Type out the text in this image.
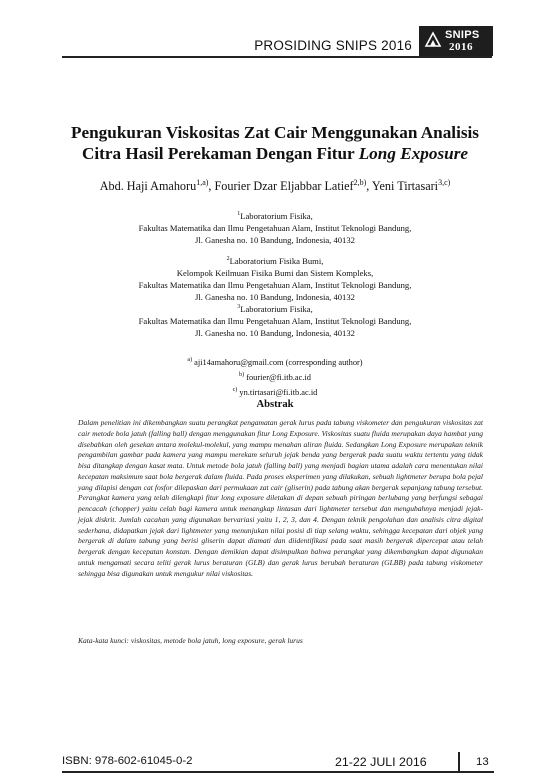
PROSIDING SNIPS 2016
SNIPS
2016
Pengukuran Viskositas Zat Cair Menggunakan Analisis
Citra Hasil Perekaman Dengan Fitur Long Exposure
Abd. Haji Amahoru$^{1,a)}$, Fourier Dzar Eljabbar Latief$^{2,b)}$, Yeni Tirtasari$^{3,c)}$
$^1$Laboratorium Fisika,
Fakultas Matematika dan Ilmu Pengetahuan Alam, Institut Teknologi Bandung,
Jl. Ganesha no. 10 Bandung, Indonesia, 40132
$^2$Laboratorium Fisika Bumi,
Kelompok Keilmuan Fisika Bumi dan Sistem Kompleks,
Fakultas Matematika dan Ilmu Pengetahuan Alam, Institut Teknologi Bandung,
Jl. Ganesha no. 10 Bandung, Indonesia, 40132
$^3$Laboratorium Fisika,
Fakultas Matematika dan Ilmu Pengetahuan Alam, Institut Teknologi Bandung,
Jl. Ganesha no. 10 Bandung, Indonesia, 40132
$^{a)}$ aji14amahoru@gmail.com (corresponding author)
$^{b)}$ fourier@fi.itb.ac.id
$^{c)}$ yn.tirtasari@fi.itb.ac.id
Abstrak

Dalam penelitian ini dikembangkan suatu perangkat pengamatan gerak lurus pada tabung viskometer dan pengukuran viskositas zat cair metode bola jatuh (falling ball) dengan menggunakan fitur Long Exposure. Viskositas suatu fluida merupakan daya hambat yang disebabkan oleh gesekan antara molekul-molekul, yang mampu menahan aliran fluida. Sedangkan Long Exposure merupakan teknik pengambilan gambar pada kamera yang mampu merekam seluruh jejak benda yang bergerak pada suatu waktu tertentu yang tidak bisa ditangkap dengan kasat mata. Untuk metode bola jatuh (falling ball) yang menjadi bagian utama adalah cara menentukan nilai kecepatan maksimum saat bola bergerak dalam fluida. Pada proses eksperimen yang dilakukan, sebuah lightmeter berupa bola pejal yang dilapisi dengan cat fosfor dilepaskan dari permukaan zat cair (gliserin) pada tabung akan bergerak sepanjang tabung tersebut. Perangkat kamera yang telah dilengkapi fitur long exposure diletakan di depan sebuah piringan berlubang yang berfungsi sebagai pencacah (chopper) yaitu celah bagi kamera untuk menangkap lintasan dari lightmeter tersebut dan mengubahnya menjadi jejak-jejak diskrit. Jumlah cacahan yang digunakan bervariasi yaitu 1, 2, 3, dan 4. Dengan teknik pengolahan dan analisis citra digital sederhana, didapatkan jejak dari lightmeter yang menunjukan nilai posisi di tiap selang waktu, sehingga kecepatan dari objek yang bergerak di dalam tabung yang berisi gliserin dapat diamati dan diidentifikasi pada saat masih bergerak dipercepat atau telah bergerak dengan kecepatan konstan. Dengan demikian dapat disimpulkan bahwa perangkat yang dikembangkan dapat digunakan untuk mengamati secara teliti gerak lurus beraturan (GLB) dan gerak lurus berubah beraturan (GLBB) pada tabung viskometer sehingga bisa digunakan untuk mengukur nilai viskositas.

Kata-kata kunci: viskositas, metode bola jatuh, long exposure, gerak lurus

ISBN: 978-602-61045-0-2	21-22 JULI 2016	13
